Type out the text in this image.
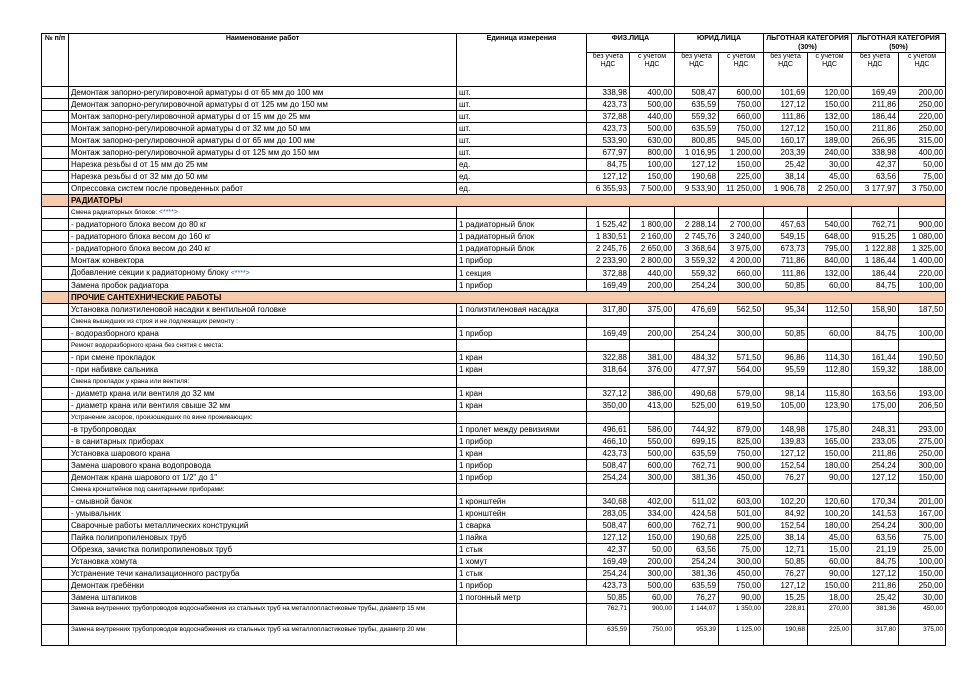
№ п/п	Наименование работ	Единица измерения	ФИЗ.ЛИЦА		ЮРИД.ЛИЦА		ЛЬГОТНАЯ КАТЕГОРИЯ (30%)		ЛЬГОТНАЯ КАТЕГОРИЯ (50%)	
			без учета НДС	с учетом НДС	без учета НДС	с учетом НДС	без учета НДС	с учетом НДС	без учета НДС	с учетом НДС
	Демонтаж запорно-регулировочной арматуры d от 65 мм до 100 мм	шт.	338,98	400,00	508,47	600,00	101,69	120,00	169,49	200,00
	Демонтаж запорно-регулировочной арматуры d от 125 мм до 150 мм	шт.	423,73	500,00	635,59	750,00	127,12	150,00	211,86	250,00
	Монтаж запорно-регулировочной арматуры d от 15 мм до 25 мм	шт.	372,88	440,00	559,32	660,00	111,86	132,00	186,44	220,00
	Монтаж запорно-регулировочной арматуры d от 32 мм до 50 мм	шт.	423,73	500,00	635,59	750,00	127,12	150,00	211,86	250,00
	Монтаж запорно-регулировочной арматуры d от 65 мм до 100 мм	шт.	533,90	630,00	800,85	945,00	160,17	189,00	266,95	315,00
	Монтаж запорно-регулировочной арматуры d от 125 мм до 150 мм	шт.	677,97	800,00	1 016,95	1 200,00	203,39	240,00	338,98	400,00
	Нарезка резьбы d от 15 мм до 25 мм	ед.	84,75	100,00	127,12	150,00	25,42	30,00	42,37	50,00
	Нарезка резьбы d от 32 мм до 50 мм	ед.	127,12	150,00	190,68	225,00	38,14	45,00	63,56	75,00
	Опрессовка систем после проведенных работ	ед.	6 355,93	7 500,00	9 533,90	11 250,00	1 906,78	2 250,00	3 177,97	3 750,00
	РАДИАТОРЫ									
	Смена радиаторных блоков: <****>									
	- радиаторного блока весом до 80 кг	1 радиаторный блок	1 525,42	1 800,00	2 288,14	2 700,00	457,63	540,00	762,71	900,00
	- радиаторного блока весом до 160 кг	1 радиаторный блок	1 830,51	2 160,00	2 745,76	3 240,00	549,15	648,00	915,25	1 080,00
	- радиаторного блока весом до 240 кг	1 радиаторный блок	2 245,76	2 650,00	3 368,64	3 975,00	673,73	795,00	1 122,88	1 325,00
	Монтаж конвектора	1 прибор	2 233,90	2 800,00	3 559,32	4 200,00	711,86	840,00	1 186,44	1 400,00
	Добавление секции к радиаторному блоку <****>	1 секция	372,88	440,00	559,32	660,00	111,86	132,00	186,44	220,00
	Замена пробок радиатора	1 прибор	169,49	200,00	254,24	300,00	50,85	60,00	84,75	100,00
	ПРОЧИЕ САНТЕХНИЧЕСКИЕ РАБОТЫ									
	Установка полиэтиленовой насадки к вентильной головке	1 полиэтиленовая насадка	317,80	375,00	476,69	562,50	95,34	112,50	158,90	187,50
	Смена вышедших из строя и не подлежащих ремонту :									
	- водоразборного крана	1 прибор	169,49	200,00	254,24	300,00	50,85	60,00	84,75	100,00
	Ремонт водоразборного крана без снятия с места:									
	- при смене прокладок	1 кран	322,88	381,00	484,32	571,50	96,86	114,30	161,44	190,50
	- при набивке сальника	1 кран	318,64	376,00	477,97	564,00	95,59	112,80	159,32	188,00
	Смена прокладок у крана или вентиля:									
	- диаметр крана или вентиля до 32 мм	1 кран	327,12	386,00	490,68	579,00	98,14	115,80	163,56	193,00
	- диаметр крана или вентиля свыше 32 мм	1 кран	350,00	413,00	525,00	619,50	105,00	123,90	175,00	206,50
	Устранение засоров, произошедших по вине проживающих:									
	-в трубопроводах	1 пролет между ревизиями	496,61	586,00	744,92	879,00	148,98	175,80	248,31	293,00
	- в санитарных приборах	1 прибор	466,10	550,00	699,15	825,00	139,83	165,00	233,05	275,00
	Установка шарового крана	1 кран	423,73	500,00	635,59	750,00	127,12	150,00	211,86	250,00
	Замена шарового крана водопровода	1 прибор	508,47	600,00	762,71	900,00	152,54	180,00	254,24	300,00
	Демонтаж крана шарового от 1/2" до 1"	1 прибор	254,24	300,00	381,36	450,00	76,27	90,00	127,12	150,00
	Смена кронштейнов под санитарными приборами:									
	- смывной бачок	1 кронштейн	340,68	402,00	511,02	603,00	102,20	120,60	170,34	201,00
	- умывальник	1 кронштейн	283,05	334,00	424,58	501,00	84,92	100,20	141,53	167,00
	Сварочные работы металлических конструкций	1 сварка	508,47	600,00	762,71	900,00	152,54	180,00	254,24	300,00
	Пайка полипропиленовых труб	1 пайка	127,12	150,00	190,68	225,00	38,14	45,00	63,56	75,00
	Обрезка, зачистка полипропиленовых труб	1 стык	42,37	50,00	63,56	75,00	12,71	15,00	21,19	25,00
	Установка хомута	1 хомут	169,49	200,00	254,24	300,00	50,85	60,00	84,75	100,00
	Устранение течи канализационного раструба	1 стык	254,24	300,00	381,36	450,00	76,27	90,00	127,12	150,00
	Демонтаж гребёнки	1 прибор	423,73	500,00	635,59	750,00	127,12	150,00	211,86	250,00
	Замена штапиков	1 погонный метр	50,85	60,00	76,27	90,00	15,25	18,00	25,42	30,00
	Замена внутренних трубопроводов водоснабжения из стальных труб на металлопластиковые трубы, диаметр 15 мм		762,71	900,00	1 144,07	1 350,00	228,81	270,00	381,36	450,00
	Замена внутренних трубопроводов водоснабжения из стальных труб на металлопластиковые трубы, диаметр 20 мм		635,59	750,00	953,39	1 125,00	190,68	225,00	317,80	375,00
